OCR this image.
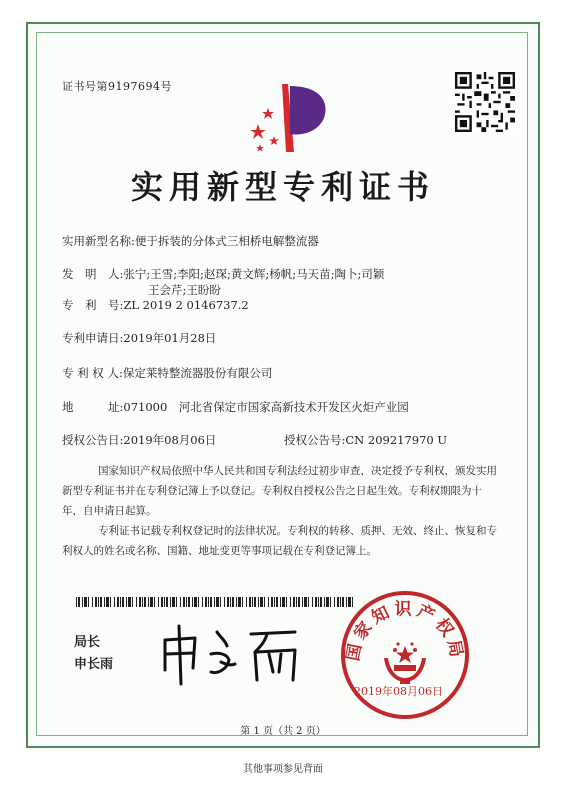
证书号第9197694号
实用新型专利证书
实用新型名称:便于拆装的分体式三相桥电解整流器
发　明　人:张宁;王雪;李阳;赵琛;黄文辉;杨帆;马天苗;陶卜;司颖
王会芹;王盼盼
专　利　号:ZL 2019 2 0146737.2
专利申请日:2019年01月28日
专 利 权 人:保定莱特整流器股份有限公司
地　　　址:071000　河北省保定市国家高新技术开发区火炬产业园
授权公告日:2019年08月06日	授权公告号:CN 209217970 U
国家知识产权局依照中华人民共和国专利法经过初步审查，决定授予专利权，颁发实用新型专利证书并在专利登记簿上予以登记。专利权自授权公告之日起生效。专利权期限为十年，自申请日起算。
专利证书记载专利权登记时的法律状况。专利权的转移、质押、无效、终止、恢复和专利权人的姓名或名称、国籍、地址变更等事项记载在专利登记簿上。
局长
申长雨
国家知识产权局
2019年08月06日
第 1 页（共 2 页）
其他事项参见背面
